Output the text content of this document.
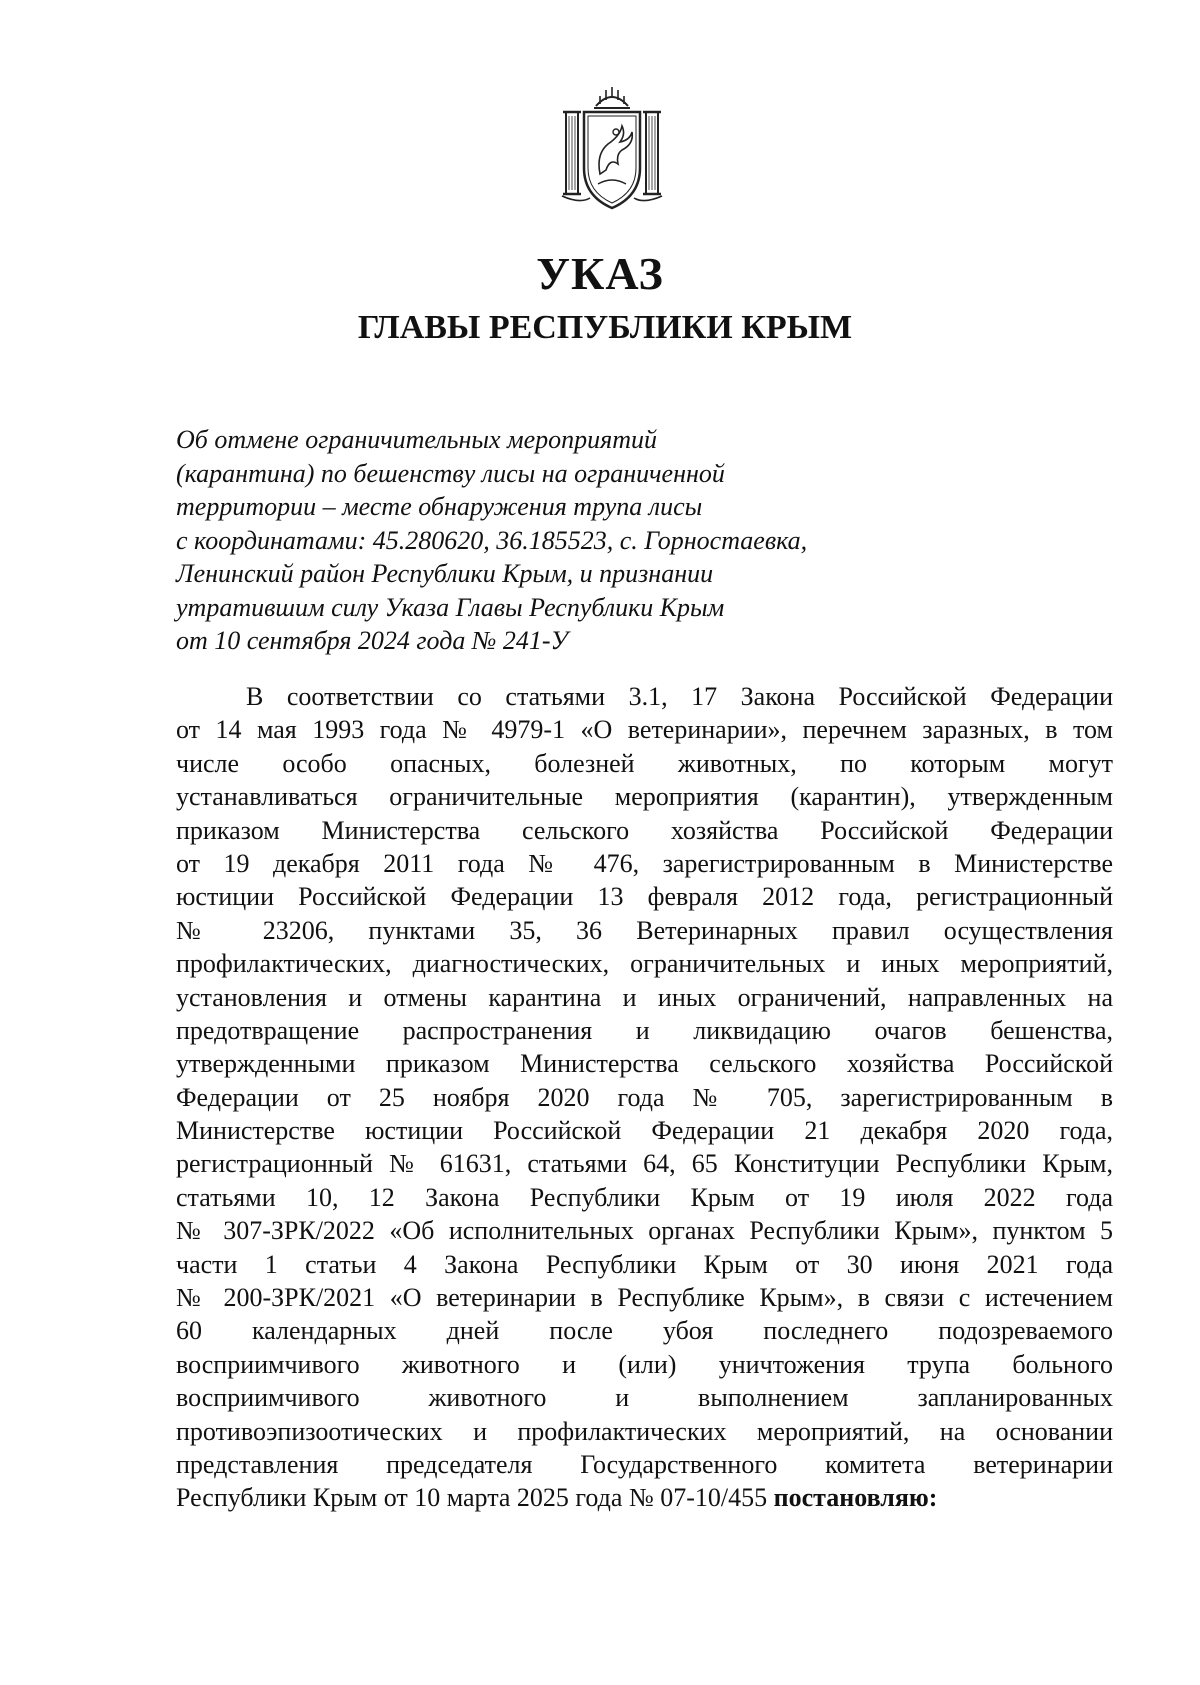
УКАЗ
ГЛАВЫ РЕСПУБЛИКИ КРЫМ
Об отмене ограничительных мероприятий
(карантина) по бешенству лисы на ограниченной
территории – месте обнаружения трупа лисы
с координатами: 45.280620, 36.185523, с. Горностаевка,
Ленинский район Республики Крым, и признании
утратившим силу Указа Главы Республики Крым
от 10 сентября 2024 года № 241-У
В соответствии со статьями 3.1, 17 Закона Российской Федерации
от 14 мая 1993 года № 4979-1 «О ветеринарии», перечнем заразных, в том
числе особо опасных, болезней животных, по которым могут
устанавливаться ограничительные мероприятия (карантин), утвержденным
приказом Министерства сельского хозяйства Российской Федерации
от 19 декабря 2011 года № 476, зарегистрированным в Министерстве
юстиции Российской Федерации 13 февраля 2012 года, регистрационный
№ 23206, пунктами 35, 36 Ветеринарных правил осуществления
профилактических, диагностических, ограничительных и иных мероприятий,
установления и отмены карантина и иных ограничений, направленных на
предотвращение распространения и ликвидацию очагов бешенства,
утвержденными приказом Министерства сельского хозяйства Российской
Федерации от 25 ноября 2020 года № 705, зарегистрированным в
Министерстве юстиции Российской Федерации 21 декабря 2020 года,
регистрационный № 61631, статьями 64, 65 Конституции Республики Крым,
статьями 10, 12 Закона Республики Крым от 19 июля 2022 года
№ 307-ЗРК/2022 «Об исполнительных органах Республики Крым», пунктом 5
части 1 статьи 4 Закона Республики Крым от 30 июня 2021 года
№ 200-ЗРК/2021 «О ветеринарии в Республике Крым», в связи с истечением
60 календарных дней после убоя последнего подозреваемого
восприимчивого животного и (или) уничтожения трупа больного
восприимчивого животного и выполнением запланированных
противоэпизоотических и профилактических мероприятий, на основании
представления председателя Государственного комитета ветеринарии
Республики Крым от 10 марта 2025 года № 07-10/455 постановляю:
